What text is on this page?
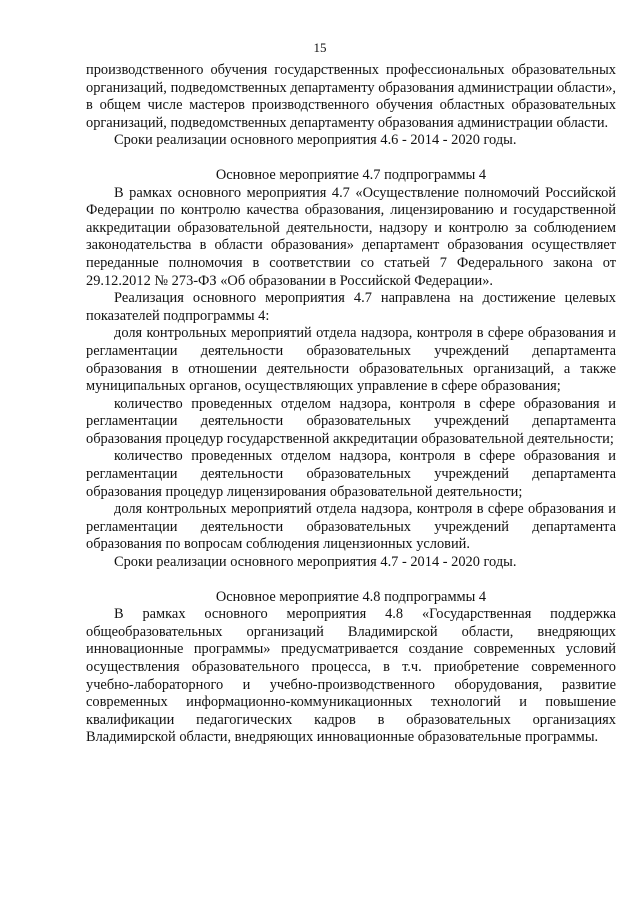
15

производственного обучения государственных профессиональных образовательных организаций, подведомственных департаменту образования администрации области», в общем числе мастеров производственного обучения областных образовательных организаций, подведомственных департаменту образования администрации области.

Сроки реализации основного мероприятия 4.6 - 2014 - 2020 годы.

Основное мероприятие 4.7 подпрограммы 4

В рамках основного мероприятия 4.7 «Осуществление полномочий Российской Федерации по контролю качества образования, лицензированию и государственной аккредитации образовательной деятельности, надзору и контролю за соблюдением законодательства в области образования» департамент образования осуществляет переданные полномочия в соответствии со статьей 7 Федерального закона от 29.12.2012 № 273-ФЗ «Об образовании в Российской Федерации».

Реализация основного мероприятия 4.7 направлена на достижение целевых показателей подпрограммы 4:

доля контрольных мероприятий отдела надзора, контроля в сфере образования и регламентации деятельности образовательных учреждений департамента образования в отношении деятельности образовательных организаций, а также муниципальных органов, осуществляющих управление в сфере образования;

количество проведенных отделом надзора, контроля в сфере образования и регламентации деятельности образовательных учреждений департамента образования процедур государственной аккредитации образовательной деятельности;

количество проведенных отделом надзора, контроля в сфере образования и регламентации деятельности образовательных учреждений департамента образования процедур лицензирования образовательной деятельности;

доля контрольных мероприятий отдела надзора, контроля в сфере образования и регламентации деятельности образовательных учреждений департамента образования по вопросам соблюдения лицензионных условий.

Сроки реализации основного мероприятия 4.7 - 2014 - 2020 годы.

Основное мероприятие 4.8 подпрограммы 4

В рамках основного мероприятия 4.8 «Государственная поддержка общеобразовательных организаций Владимирской области, внедряющих инновационные программы» предусматривается создание современных условий осуществления образовательного процесса, в т.ч. приобретение современного учебно-лабораторного и учебно-производственного оборудования, развитие современных информационно-коммуникационных технологий и повышение квалификации педагогических кадров в образовательных организациях Владимирской области, внедряющих инновационные образовательные программы.
